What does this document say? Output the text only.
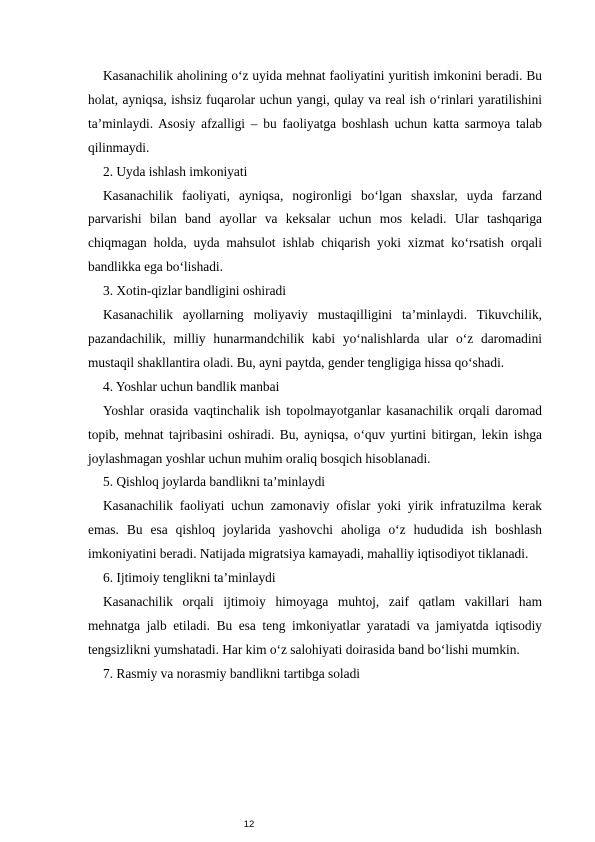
Kasanachilik aholining o‘z uyida mehnat faoliyatini yuritish imkonini beradi. Bu holat, ayniqsa, ishsiz fuqarolar uchun yangi, qulay va real ish o‘rinlari yaratilishini ta’minlaydi. Asosiy afzalligi – bu faoliyatga boshlash uchun katta sarmoya talab qilinmaydi.

2. Uyda ishlash imkoniyati

Kasanachilik faoliyati, ayniqsa, nogironligi bo‘lgan shaxslar, uyda farzand parvarishi bilan band ayollar va keksalar uchun mos keladi. Ular tashqariga chiqmagan holda, uyda mahsulot ishlab chiqarish yoki xizmat ko‘rsatish orqali bandlikka ega bo‘lishadi.

3. Xotin-qizlar bandligini oshiradi

Kasanachilik ayollarning moliyaviy mustaqilligini ta’minlaydi. Tikuvchilik, pazandachilik, milliy hunarmandchilik kabi yo‘nalishlarda ular o‘z daromadini mustaqil shakllantira oladi. Bu, ayni paytda, gender tengligiga hissa qo‘shadi.

4. Yoshlar uchun bandlik manbai

Yoshlar orasida vaqtinchalik ish topolmayotganlar kasanachilik orqali daromad topib, mehnat tajribasini oshiradi. Bu, ayniqsa, o‘quv yurtini bitirgan, lekin ishga joylashmagan yoshlar uchun muhim oraliq bosqich hisoblanadi.

5. Qishloq joylarda bandlikni ta’minlaydi

Kasanachilik faoliyati uchun zamonaviy ofislar yoki yirik infratuzilma kerak emas. Bu esa qishloq joylarida yashovchi aholiga o‘z hududida ish boshlash imkoniyatini beradi. Natijada migratsiya kamayadi, mahalliy iqtisodiyot tiklanadi.

6. Ijtimoiy tenglikni ta’minlaydi

Kasanachilik orqali ijtimoiy himoyaga muhtoj, zaif qatlam vakillari ham mehnatga jalb etiladi. Bu esa teng imkoniyatlar yaratadi va jamiyatda iqtisodiy tengsizlikni yumshatadi. Har kim o‘z salohiyati doirasida band bo‘lishi mumkin.

7. Rasmiy va norasmiy bandlikni tartibga soladi

12
